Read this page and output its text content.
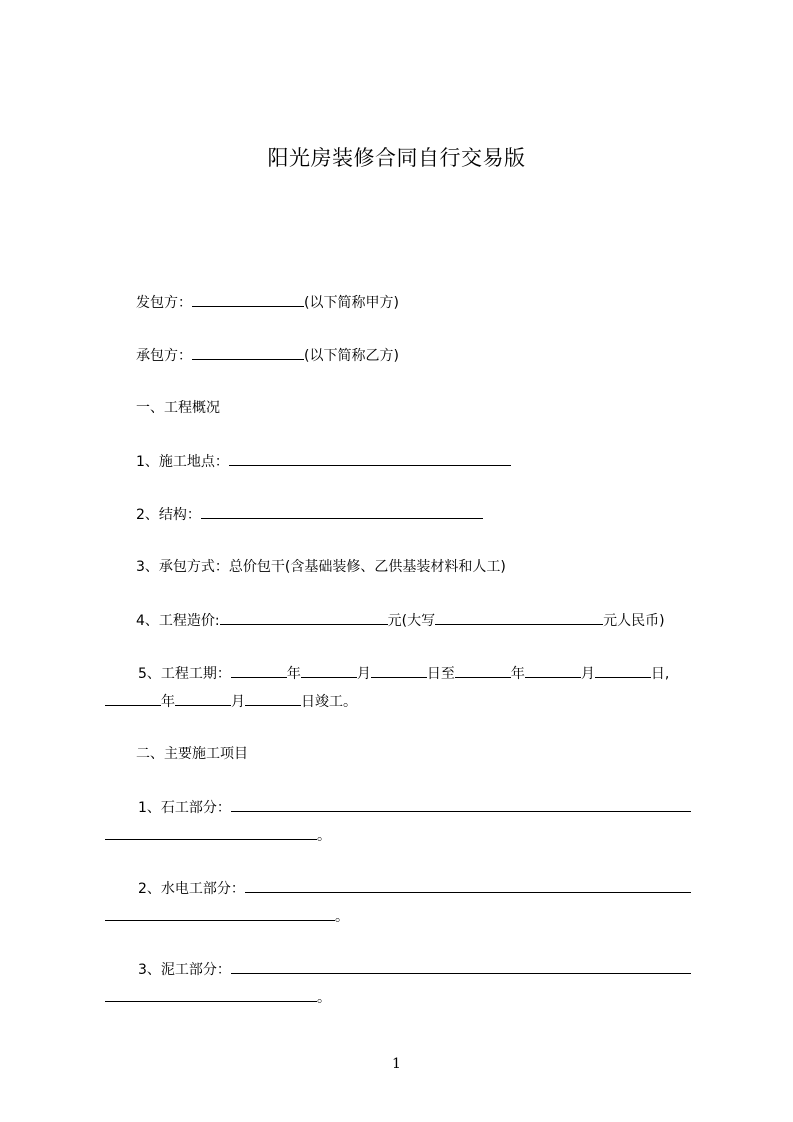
阳光房装修合同自行交易版
发包方：	(以下简称甲方)
承包方：	(以下简称乙方)
一、工程概况
1、施工地点：
2、结构：
3、承包方式：总价包干(含基础装修、乙供基装材料和人工)
4、工程造价:	元(大写	元人民币)
5、工程工期：	年	月	日至	年	月	日,
年	月	日竣工。
二、主要施工项目
1、石工部分：
。
2、水电工部分：
。
3、泥工部分：
。
1
